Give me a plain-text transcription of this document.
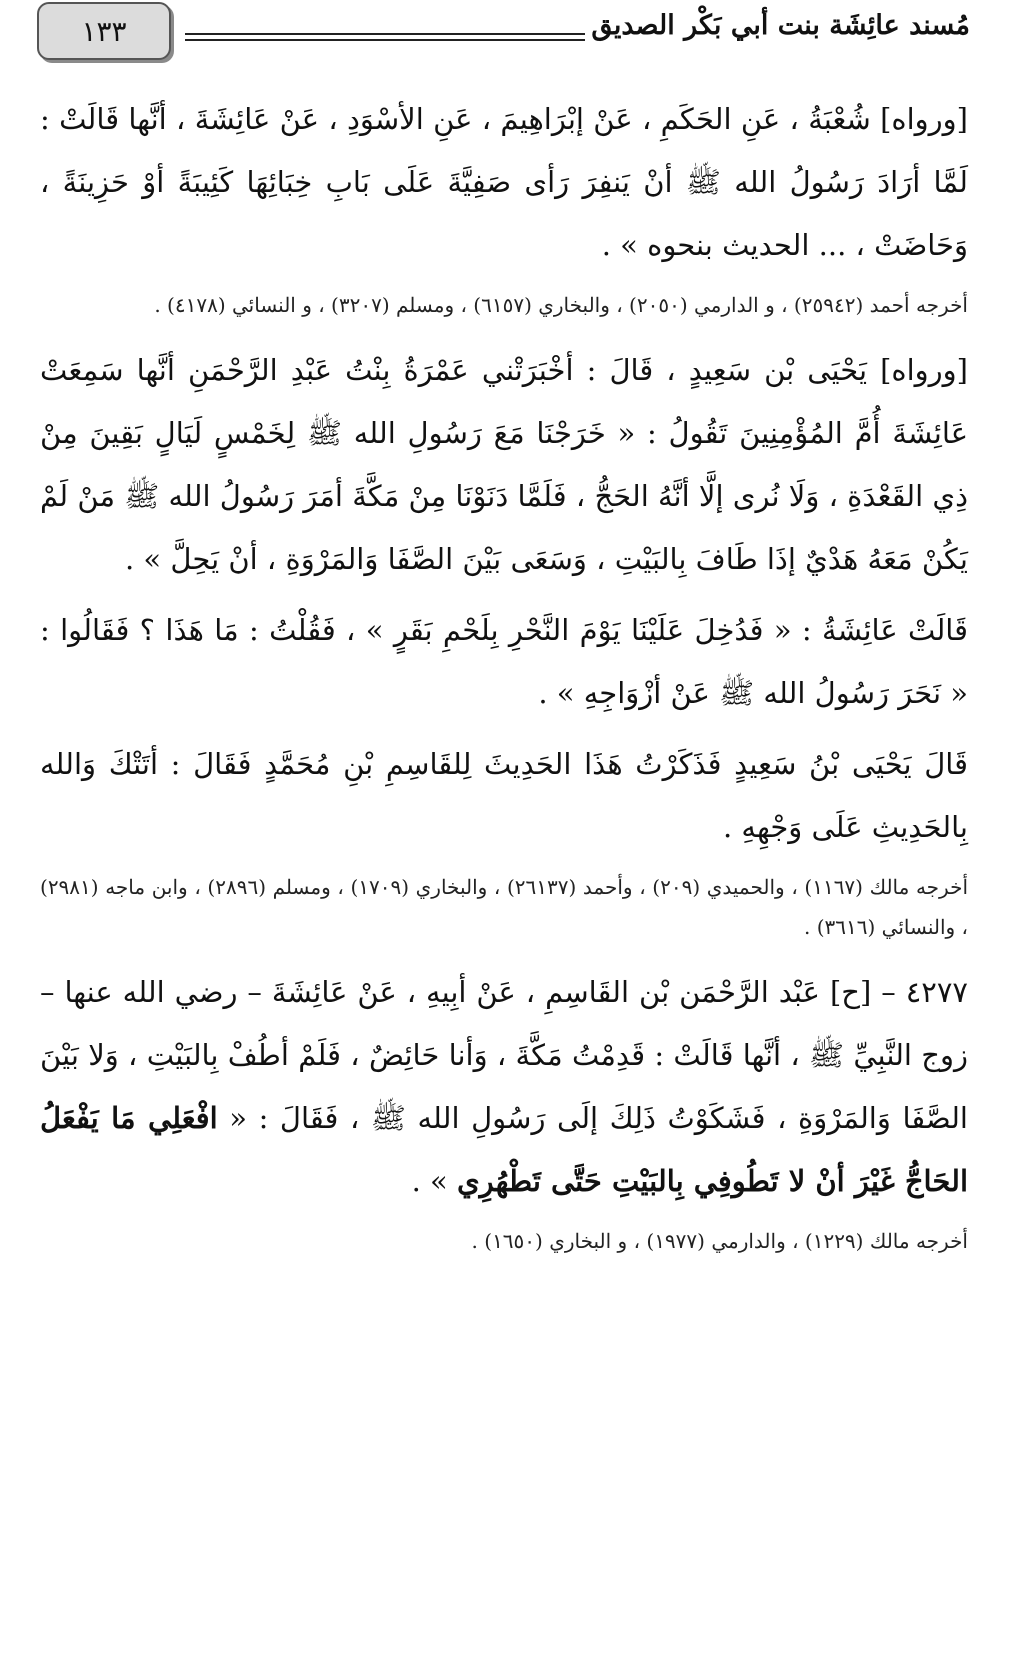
مُسند عائِشَة بنت أبي بَكْر الصديق
١٣٣

[ورواه] شُعْبَةُ ، عَنِ الحَكَمِ ، عَنْ إبْرَاهِيمَ ، عَنِ الأسْوَدِ ، عَنْ عَائِشَةَ ، أنَّها قَالَتْ : لَمَّا أرَادَ رَسُولُ الله ﷺ أنْ يَنفِرَ رَأى صَفِيَّةَ عَلَى بَابِ خِبَائِهَا كَئِيبَةً أوْ حَزِينَةً ، وَحَاضَتْ ، ... الحديث بنحوه » .

أخرجه أحمد (٢٥٩٤٢) ، و الدارمي (٢٠٥٠) ، والبخاري (٦١٥٧) ، ومسلم (٣٢٠٧) ، و النسائي (٤١٧٨) .

[ورواه] يَحْيَى بْن سَعِيدٍ ، قَالَ : أخْبَرَتْني عَمْرَةُ بِنْتُ عَبْدِ الرَّحْمَنِ أنَّها سَمِعَتْ عَائِشَةَ أُمَّ المُؤْمِنِينَ تَقُولُ : « خَرَجْنَا مَعَ رَسُولِ الله ﷺ لِخَمْسٍ لَيَالٍ بَقِينَ مِنْ ذِي القَعْدَةِ ، وَلَا نُرى إلَّا أنَّهُ الحَجُّ ، فَلَمَّا دَنَوْنَا مِنْ مَكَّةَ أمَرَ رَسُولُ الله ﷺ مَنْ لَمْ يَكُنْ مَعَهُ هَدْيٌ إذَا طَافَ بِالبَيْتِ ، وَسَعَى بَيْنَ الصَّفَا وَالمَرْوَةِ ، أنْ يَحِلَّ » .

قَالَتْ عَائِشَةُ : « فَدُخِلَ عَلَيْنَا يَوْمَ النَّحْرِ بِلَحْمِ بَقَرٍ » ، فَقُلْتُ : مَا هَذَا ؟ فَقَالُوا : « نَحَرَ رَسُولُ الله ﷺ عَنْ أزْوَاجِهِ » .

قَالَ يَحْيَى بْنُ سَعِيدٍ فَذَكَرْتُ هَذَا الحَدِيثَ لِلقَاسِمِ بْنِ مُحَمَّدٍ فَقَالَ : أتَتْكَ وَالله بِالحَدِيثِ عَلَى وَجْهِهِ .

أخرجه مالك (١١٦٧) ، والحميدي (٢٠٩) ، وأحمد (٢٦١٣٧) ، والبخاري (١٧٠٩) ، ومسلم (٢٨٩٦) ، وابن ماجه (٢٩٨١) ، والنسائي (٣٦١٦) .

٤٢٧٧ – [ح] عَبْد الرَّحْمَن بْن القَاسِمِ ، عَنْ أبِيهِ ، عَنْ عَائِشَةَ – رضي الله عنها – زوج النَّبِيِّ ﷺ ، أنَّها قَالَتْ : قَدِمْتُ مَكَّةَ ، وَأنا حَائِضٌ ، فَلَمْ أطُفْ بِالبَيْتِ ، وَلا بَيْنَ الصَّفَا وَالمَرْوَةِ ، فَشَكَوْتُ ذَلِكَ إلَى رَسُولِ الله ﷺ ، فَقَالَ : « افْعَلِي مَا يَفْعَلُ الحَاجُّ غَيْرَ أنْ لا تَطُوفِي بِالبَيْتِ حَتَّى تَطْهُرِي » .

أخرجه مالك (١٢٢٩) ، والدارمي (١٩٧٧) ، و البخاري (١٦٥٠) .
